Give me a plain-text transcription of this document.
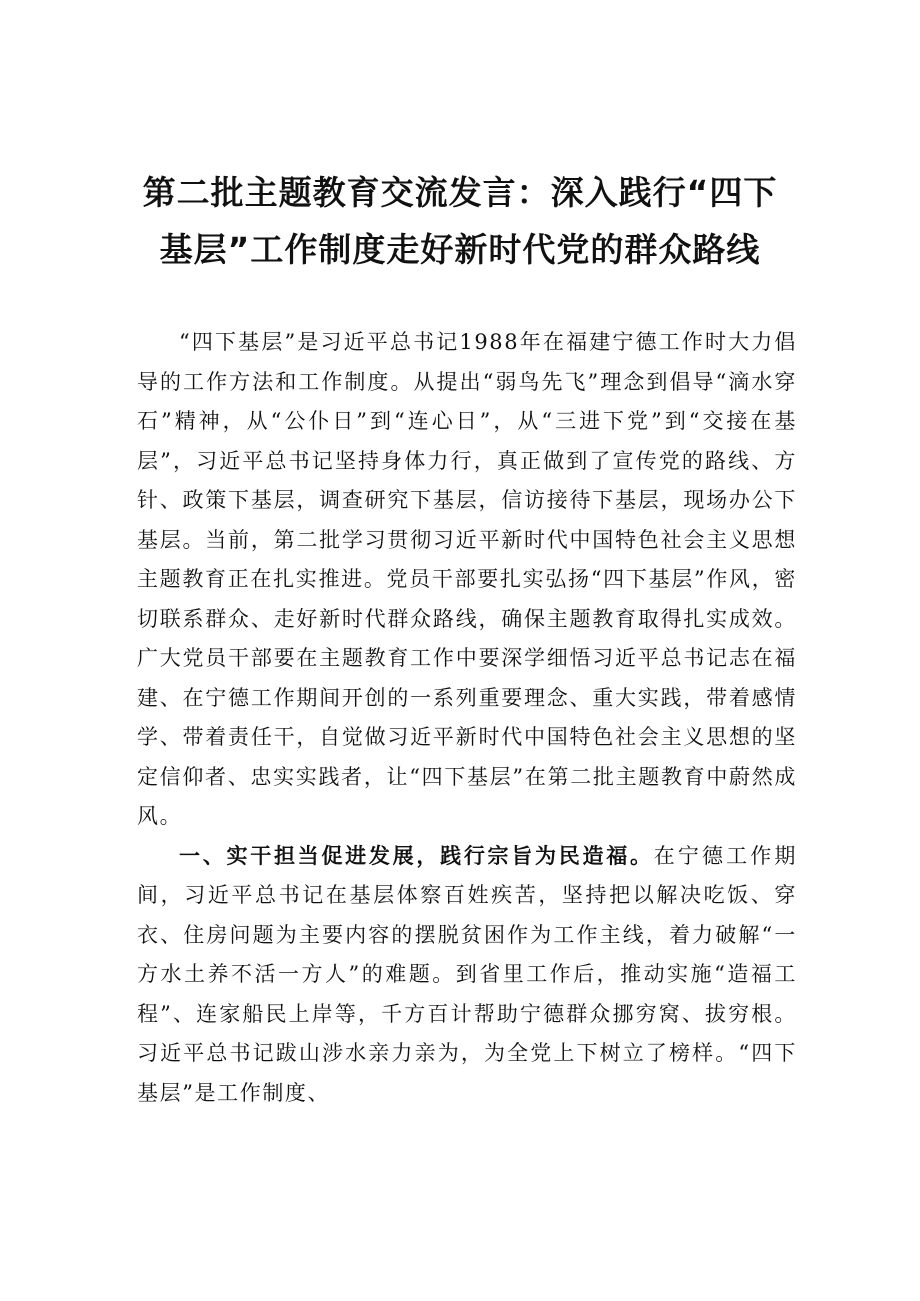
第二批主题教育交流发言：深入践行“四下
基层”工作制度走好新时代党的群众路线

“四下基层”是习近平总书记1988年在福建宁德工作时大力倡导的工作方法和工作制度。从提出“弱鸟先飞”理念到倡导“滴水穿石”精神，从“公仆日”到“连心日”，从“三进下党”到“交接在基层”，习近平总书记坚持身体力行，真正做到了宣传党的路线、方针、政策下基层，调查研究下基层，信访接待下基层，现场办公下基层。当前，第二批学习贯彻习近平新时代中国特色社会主义思想主题教育正在扎实推进。党员干部要扎实弘扬“四下基层”作风，密切联系群众、走好新时代群众路线，确保主题教育取得扎实成效。广大党员干部要在主题教育工作中要深学细悟习近平总书记志在福建、在宁德工作期间开创的一系列重要理念、重大实践，带着感情学、带着责任干，自觉做习近平新时代中国特色社会主义思想的坚定信仰者、忠实实践者，让“四下基层”在第二批主题教育中蔚然成风。

一、实干担当促进发展，践行宗旨为民造福。在宁德工作期间，习近平总书记在基层体察百姓疾苦，坚持把以解决吃饭、穿衣、住房问题为主要内容的摆脱贫困作为工作主线，着力破解“一方水土养不活一方人”的难题。到省里工作后，推动实施“造福工程”、连家船民上岸等，千方百计帮助宁德群众挪穷窝、拔穷根。习近平总书记跋山涉水亲力亲为，为全党上下树立了榜样。“四下基层”是工作制度、
